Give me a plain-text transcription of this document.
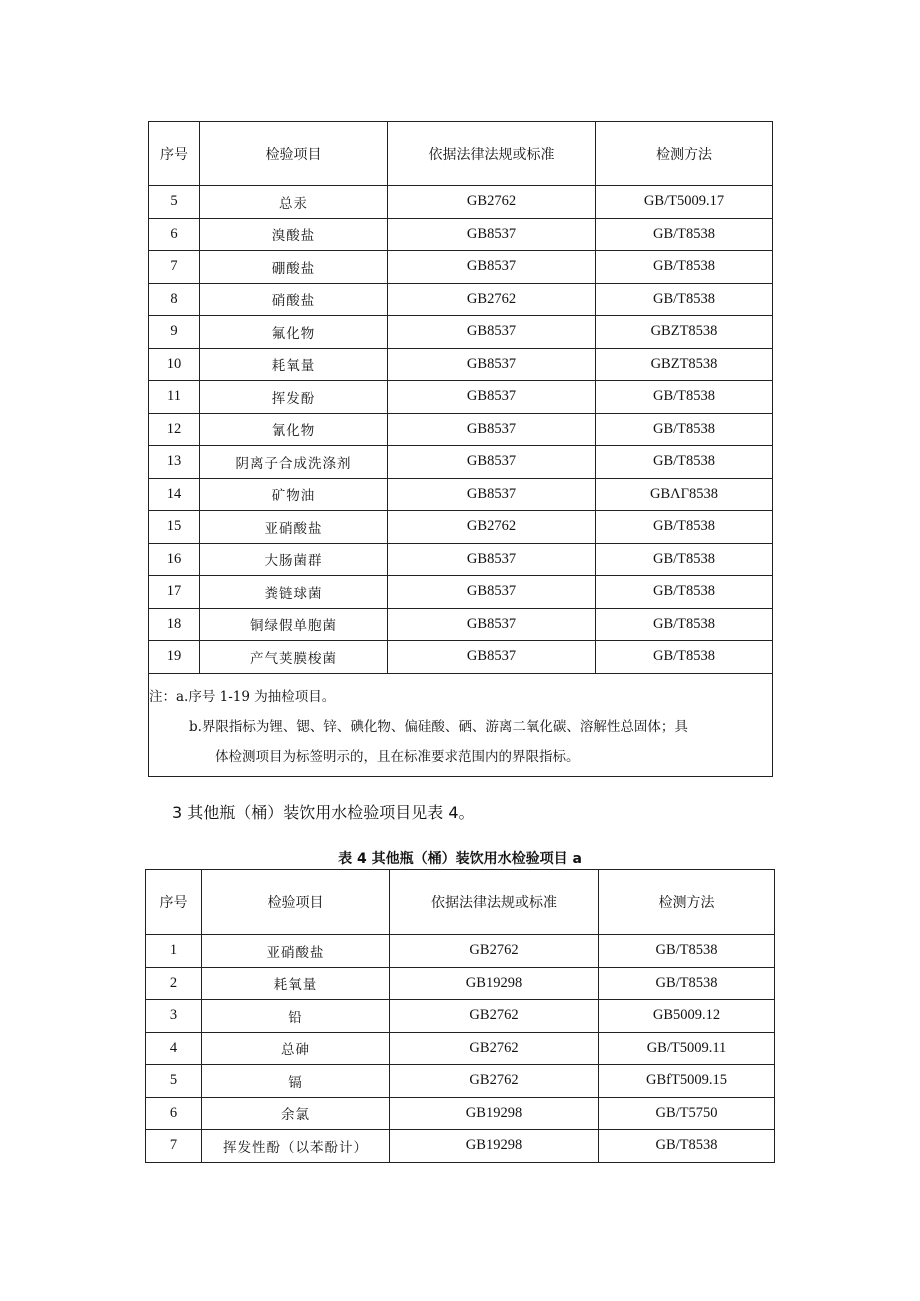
序号	检验项目	依据法律法规或标准	检测方法
5	总汞	GB2762	GB/T5009.17
6	溴酸盐	GB8537	GB/T8538
7	硼酸盐	GB8537	GB/T8538
8	硝酸盐	GB2762	GB/T8538
9	氟化物	GB8537	GBZT8538
10	耗氧量	GB8537	GBZT8538
11	挥发酚	GB8537	GB/T8538
12	氰化物	GB8537	GB/T8538
13	阴离子合成洗涤剂	GB8537	GB/T8538
14	矿物油	GB8537	GBΛΓ8538
15	亚硝酸盐	GB2762	GB/T8538
16	大肠菌群	GB8537	GB/T8538
17	粪链球菌	GB8537	GB/T8538
18	铜绿假单胞菌	GB8537	GB/T8538
19	产气荚膜梭菌	GB8537	GB/T8538

注：a.序号 1-19 为抽检项目。
b.界限指标为锂、锶、锌、碘化物、偏硅酸、硒、游离二氧化碳、溶解性总固体；具
体检测项目为标签明示的，且在标准要求范围内的界限指标。			

3 其他瓶（桶）装饮用水检验项目见表 4。

表 4 其他瓶（桶）装饮用水检验项目 a

序号	检验项目	依据法律法规或标准	检测方法
1	亚硝酸盐	GB2762	GB/T8538
2	耗氧量	GB19298	GB/T8538
3	铅	GB2762	GB5009.12
4	总砷	GB2762	GB/T5009.11
5	镉	GB2762	GBfT5009.15
6	余氯	GB19298	GB/T5750
7	挥发性酚（以苯酚计）	GB19298	GB/T8538
